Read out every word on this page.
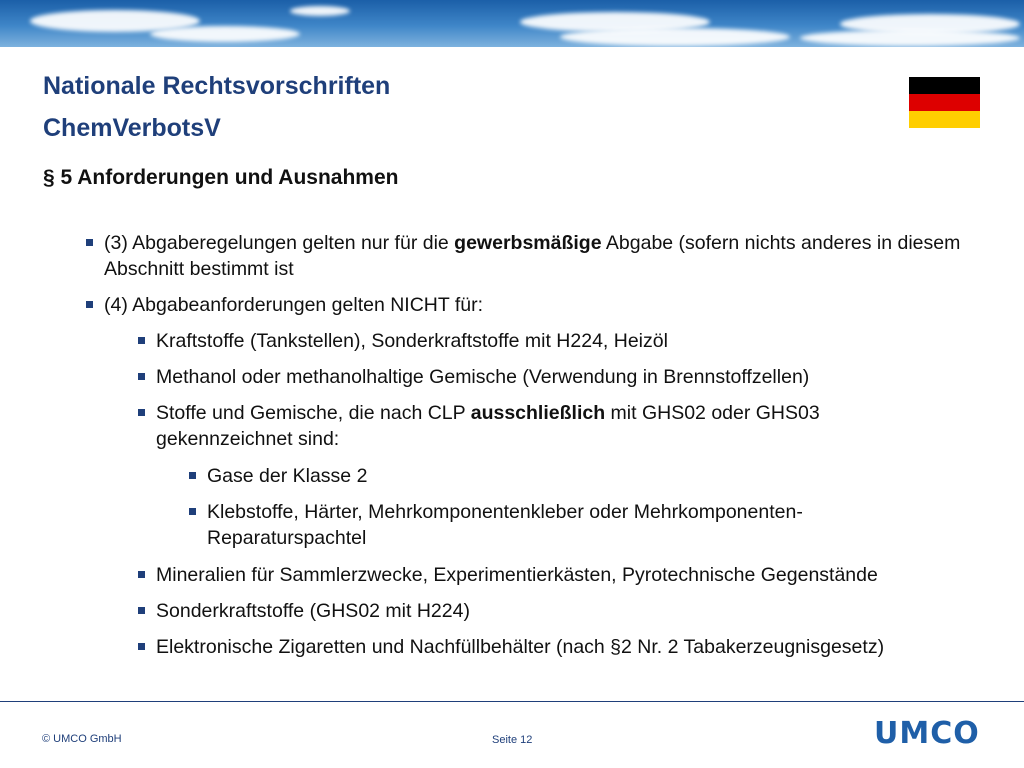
Nationale Rechtsvorschriften
ChemVerbotsV
§ 5 Anforderungen und Ausnahmen
(3) Abgaberegelungen gelten nur für die gewerbsmäßige Abgabe (sofern nichts anderes in diesem Abschnitt bestimmt ist
(4) Abgabeanforderungen gelten NICHT für:
Kraftstoffe (Tankstellen), Sonderkraftstoffe mit H224, Heizöl
Methanol oder methanolhaltige Gemische (Verwendung in Brennstoffzellen)
Stoffe und Gemische, die nach CLP ausschließlich mit GHS02 oder GHS03 gekennzeichnet sind:
Gase der Klasse 2
Klebstoffe, Härter, Mehrkomponentenkleber oder Mehrkomponenten-Reparaturspachtel
Mineralien für Sammlerzwecke, Experimentierkästen, Pyrotechnische Gegenstände
Sonderkraftstoffe (GHS02 mit H224)
Elektronische Zigaretten und Nachfüllbehälter (nach §2 Nr. 2 Tabakerzeugnisgesetz)
© UMCO GmbH	Seite 12	UMCO
